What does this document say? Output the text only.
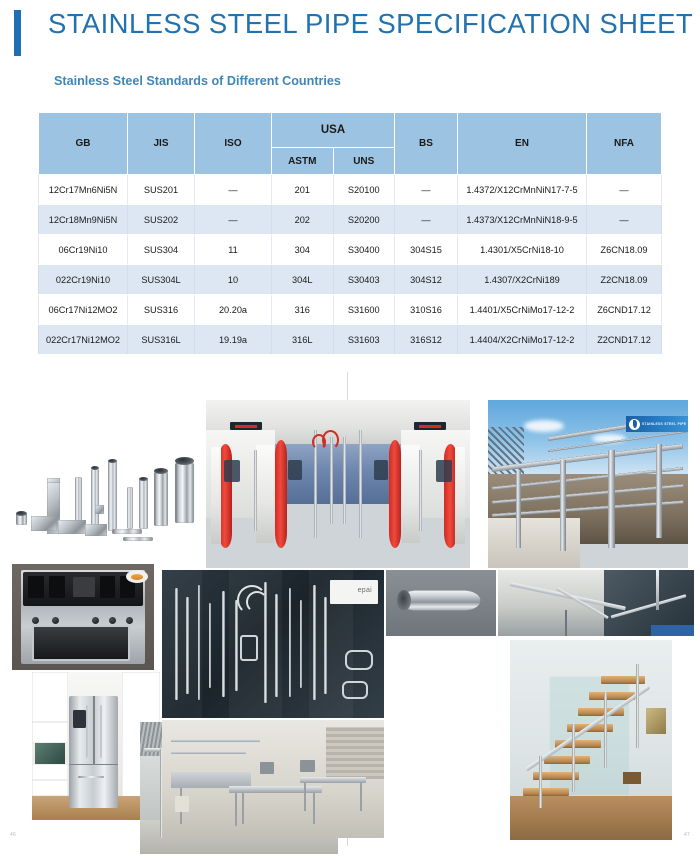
STAINLESS STEEL PIPE SPECIFICATION SHEET
Stainless Steel Standards of Different Countries
GB	JIS	ISO	USA		BS	EN	NFA
			ASTM	UNS			
12Cr17Mn6Ni5N	SUS201	—	201	S20100	—	1.4372/X12CrMnNiN17-7-5	—
12Cr18Mn9Ni5N	SUS202	—	202	S20200	—	1.4373/X12CrMnNiN18-9-5	—
06Cr19Ni10	SUS304	11	304	S30400	304S15	1.4301/X5CrNi18-10	Z6CN18.09
022Cr19Ni10	SUS304L	10	304L	S30403	304S12	1.4307/X2CrNi189	Z2CN18.09
06Cr17Ni12MO2	SUS316	20.20a	316	S31600	310S16	1.4401/X5CrNiMo17-12-2	Z6CND17.12
022Cr17Ni12MO2	SUS316L	19.19a	316L	S31603	316S12	1.4404/X2CrNiMo17-12-2	Z2CND17.12
STAINLESS STEEL PIPE
epai
46	47
